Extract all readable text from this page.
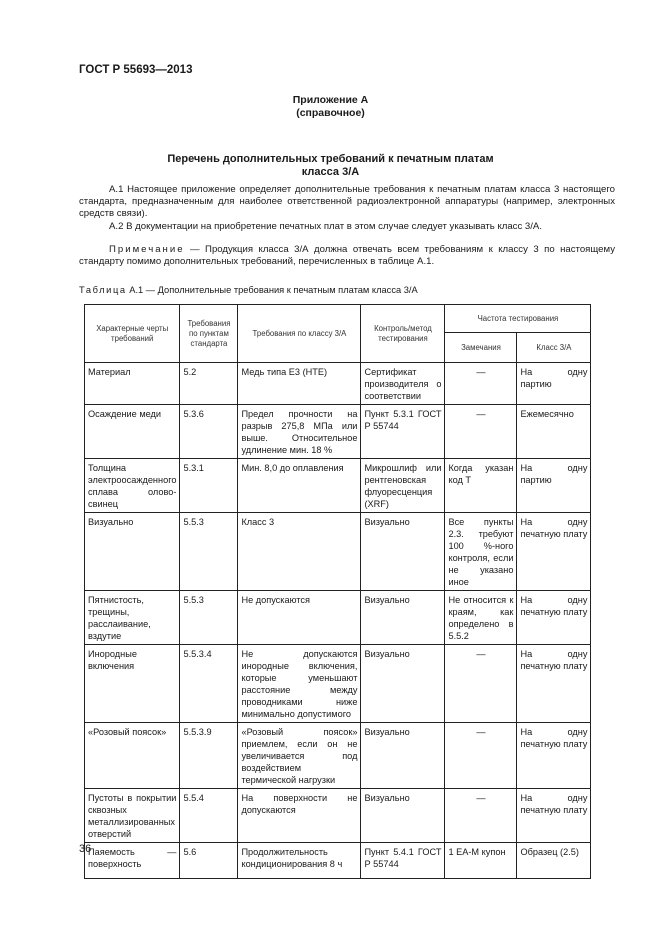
ГОСТ Р 55693—2013
Приложение А
(справочное)
Перечень дополнительных требований к печатным платам
класса 3/А
А.1 Настоящее приложение определяет дополнительные требования к печатным платам класса 3 настоящего стандарта, предназначенным для наиболее ответственной радиоэлектронной аппаратуры (например, электронных средств связи).
А.2 В документации на приобретение печатных плат в этом случае следует указывать класс 3/А.
Примечание — Продукция класса 3/А должна отвечать всем требованиям к классу 3 по настоящему стандарту помимо дополнительных требований, перечисленных в таблице А.1.
Таблица А.1 — Дополнительные требования к печатным платам класса 3/А
Характерные черты требований	Требования по пунктам стандарта	Требования по классу 3/А	Контроль/метод тестирования	Частота тестирования	
				Замечания	Класс 3/А
Материал	5.2	Медь типа Е3 (HTE)	Сертификат производителя о соответствии	—	На одну партию
Осаждение меди	5.3.6	Предел прочности на разрыв 275,8 МПа или выше. Относительное удлинение мин. 18 %	Пункт 5.3.1 ГОСТ Р 55744	—	Ежемесячно
Толщина электроосажденного сплава олово-свинец	5.3.1	Мин. 8,0 до оплавления	Микрошлиф или рентгеновская флуоресценция (XRF)	Когда указан код Т	На одну партию
Визуально	5.5.3	Класс 3	Визуально	Все пункты 2.3. требуют 100 %-ного контроля, если не указано иное	На одну печатную плату
Пятнистость, трещины, расслаивание, вздутие	5.5.3	Не допускаются	Визуально	Не относится к краям, как определено в 5.5.2	На одну печатную плату
Инородные включения	5.5.3.4	Не допускаются инородные включения, которые уменьшают расстояние между проводниками ниже минимально допустимого	Визуально	—	На одну печатную плату
«Розовый поясок»	5.5.3.9	«Розовый поясок» приемлем, если он не увеличивается под воздействием термической нагрузки	Визуально	—	На одну печатную плату
Пустоты в покрытии сквозных металлизированных отверстий	5.5.4	На поверхности не допускаются	Визуально	—	На одну печатную плату
Паяемость — поверхность	5.6	Продолжительность кондиционирования 8 ч	Пункт 5.4.1 ГОСТ Р 55744	1 EA-M купон	Образец (2.5)
36
